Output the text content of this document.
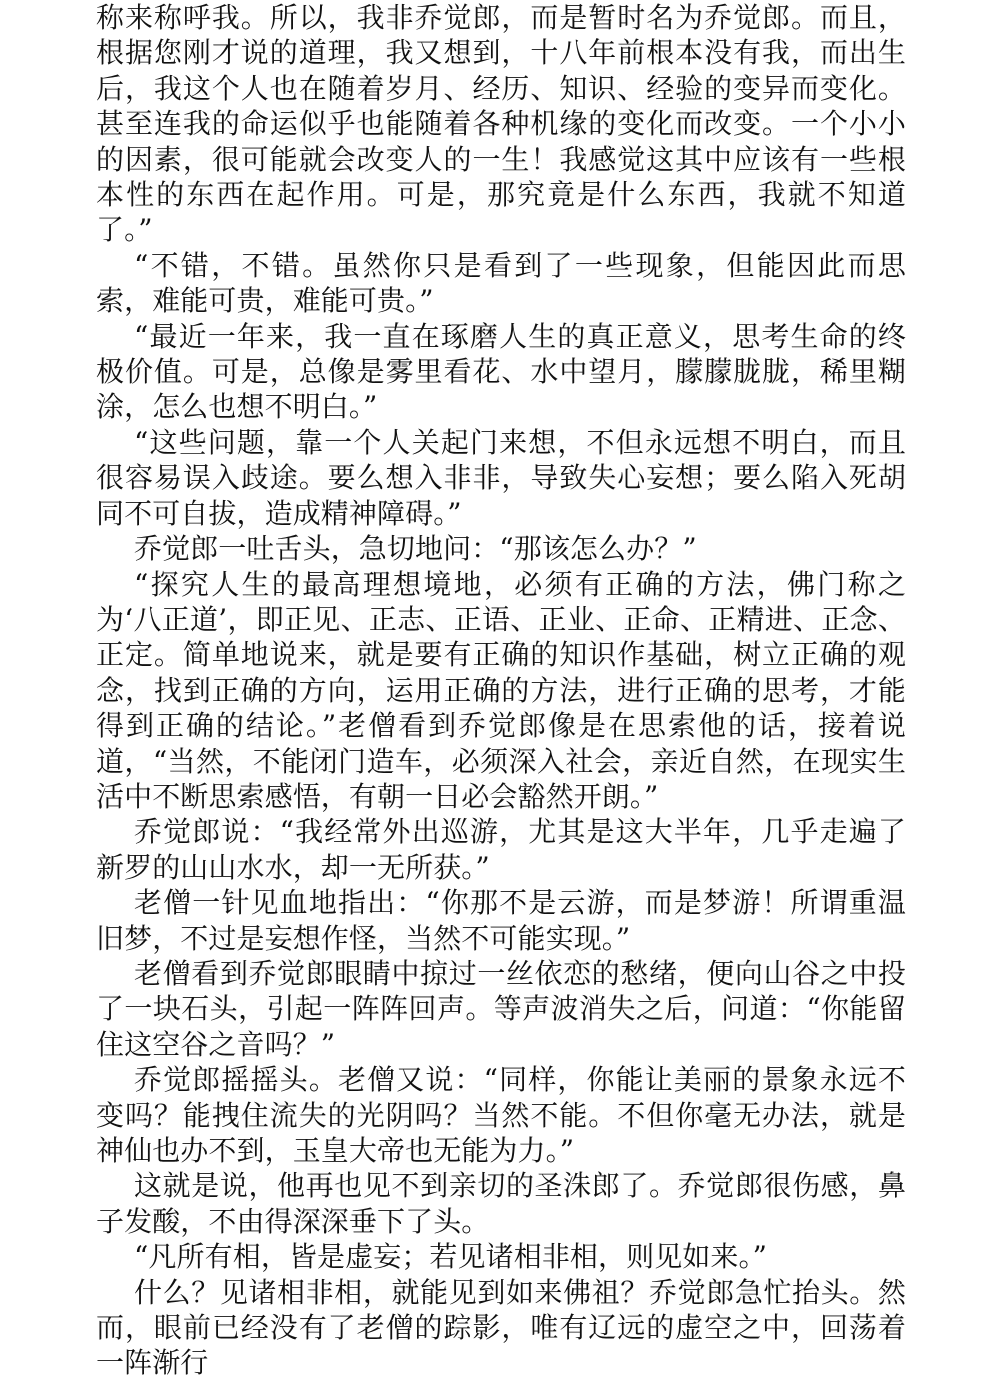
称来称呼我。所以，我非乔觉郎，而是暂时名为乔觉郎。而且，根据您刚才说的道理，我又想到，十八年前根本没有我，而出生后，我这个人也在随着岁月、经历、知识、经验的变异而变化。甚至连我的命运似乎也能随着各种机缘的变化而改变。一个小小的因素，很可能就会改变人的一生！我感觉这其中应该有一些根本性的东西在起作用。可是，那究竟是什么东西，我就不知道了。”

“不错，不错。虽然你只是看到了一些现象，但能因此而思索，难能可贵，难能可贵。”

“最近一年来，我一直在琢磨人生的真正意义，思考生命的终极价值。可是，总像是雾里看花、水中望月，朦朦胧胧，稀里糊涂，怎么也想不明白。”

“这些问题，靠一个人关起门来想，不但永远想不明白，而且很容易误入歧途。要么想入非非，导致失心妄想；要么陷入死胡同不可自拔，造成精神障碍。”

乔觉郎一吐舌头，急切地问：“那该怎么办？”

“探究人生的最高理想境地，必须有正确的方法，佛门称之为‘八正道’，即正见、正志、正语、正业、正命、正精进、正念、正定。简单地说来，就是要有正确的知识作基础，树立正确的观念，找到正确的方向，运用正确的方法，进行正确的思考，才能得到正确的结论。”老僧看到乔觉郎像是在思索他的话，接着说道，“当然，不能闭门造车，必须深入社会，亲近自然，在现实生活中不断思索感悟，有朝一日必会豁然开朗。”

乔觉郎说：“我经常外出巡游，尤其是这大半年，几乎走遍了新罗的山山水水，却一无所获。”

老僧一针见血地指出：“你那不是云游，而是梦游！所谓重温旧梦，不过是妄想作怪，当然不可能实现。”

老僧看到乔觉郎眼睛中掠过一丝依恋的愁绪，便向山谷之中投了一块石头，引起一阵阵回声。等声波消失之后，问道：“你能留住这空谷之音吗？”

乔觉郎摇摇头。老僧又说：“同样，你能让美丽的景象永远不变吗？能拽住流失的光阴吗？当然不能。不但你毫无办法，就是神仙也办不到，玉皇大帝也无能为力。”

这就是说，他再也见不到亲切的圣洙郎了。乔觉郎很伤感，鼻子发酸，不由得深深垂下了头。

“凡所有相，皆是虚妄；若见诸相非相，则见如来。”

什么？见诸相非相，就能见到如来佛祖？乔觉郎急忙抬头。然而，眼前已经没有了老僧的踪影，唯有辽远的虚空之中，回荡着一阵渐行
